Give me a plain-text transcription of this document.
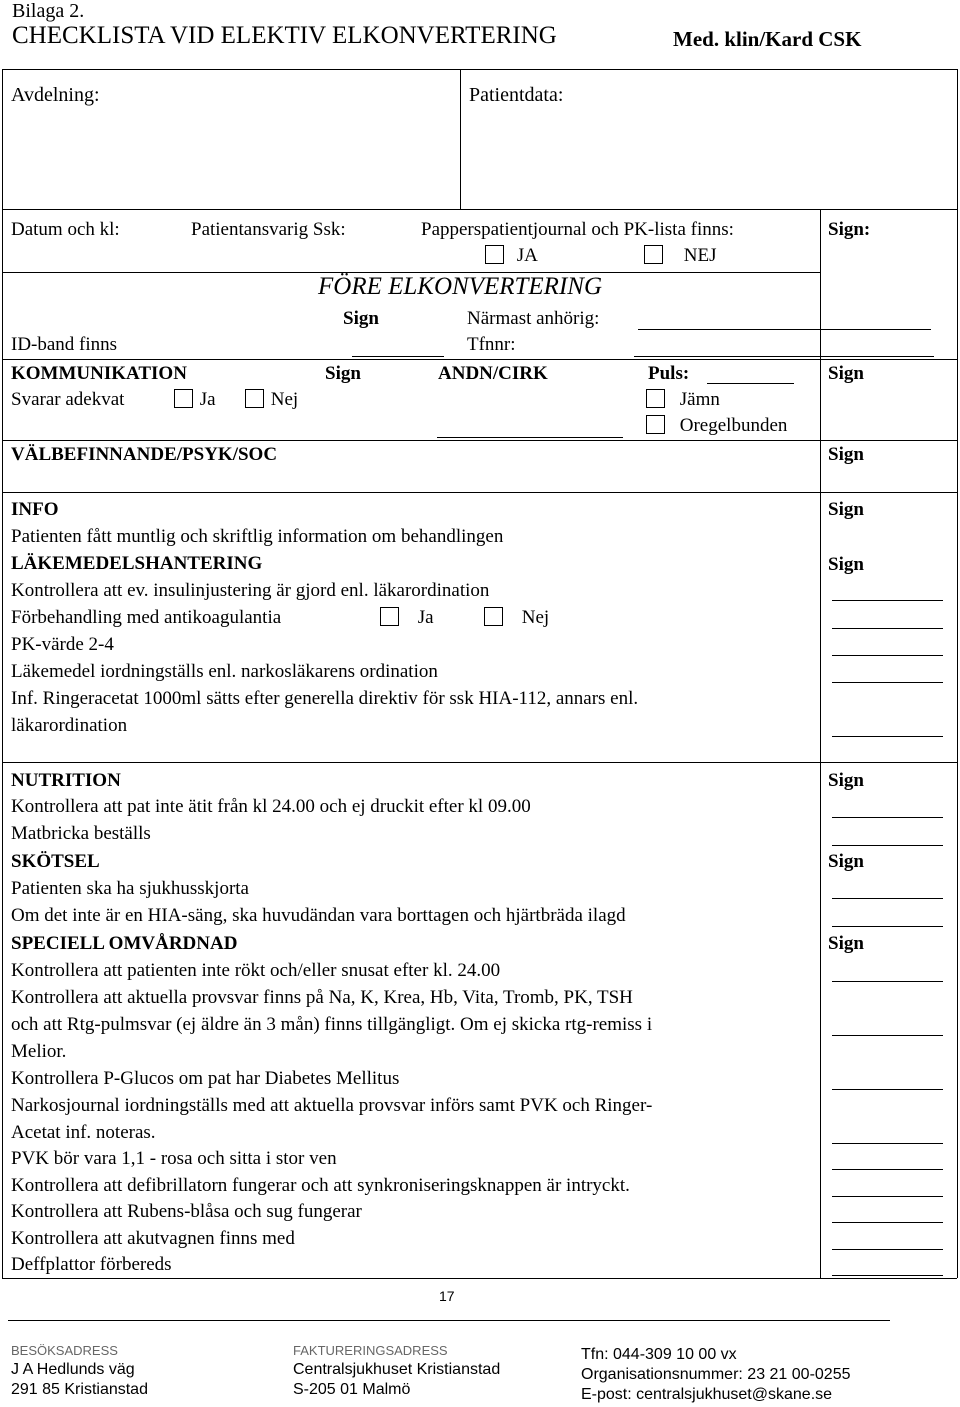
Bilaga 2.
CHECKLISTA VID ELEKTIV ELKONVERTERING	Med. klin/Kard CSK
Avdelning:	Patientdata:
Datum och kl:	Patientansvarig Ssk:	Papperspatientjournal och PK-lista finns:	Sign:
JA	NEJ
FÖRE ELKONVERTERING
Sign	Närmast anhörig:
ID-band finns	Tfnnr:
KOMMUNIKATION	Sign	ANDN/CIRK	Puls:	Sign
Svarar adekvat	Ja	Nej	Jämn
Oregelbunden
VÄLBEFINNANDE/PSYK/SOC	Sign
INFO	Sign
Patienten fått muntlig och skriftlig information om behandlingen
LÄKEMEDELSHANTERING	Sign
Kontrollera att ev. insulinjustering är gjord enl. läkarordination
Förbehandling med antikoagulantia	Ja	Nej
PK-värde 2-4
Läkemedel iordningställs enl. narkosläkarens ordination
Inf. Ringeracetat 1000ml sätts efter generella direktiv för ssk HIA-112, annars enl.
läkarordination
NUTRITION	Sign
Kontrollera att pat inte ätit från kl 24.00 och ej druckit efter kl 09.00
Matbricka beställs
SKÖTSEL	Sign
Patienten ska ha sjukhusskjorta
Om det inte är en HIA-säng, ska huvudändan vara borttagen och hjärtbräda ilagd
SPECIELL OMVÅRDNAD	Sign
Kontrollera att patienten inte rökt och/eller snusat efter kl. 24.00
Kontrollera att aktuella provsvar finns på Na, K, Krea, Hb, Vita, Tromb, PK, TSH
och att Rtg-pulmsvar (ej äldre än 3 mån) finns tillgängligt. Om ej skicka rtg-remiss i
Melior.
Kontrollera P-Glucos om pat har Diabetes Mellitus
Narkosjournal iordningställs med att aktuella provsvar införs samt PVK och Ringer-
Acetat inf. noteras.
PVK bör vara 1,1 - rosa och sitta i stor ven
Kontrollera att defibrillatorn fungerar och att synkroniseringsknappen är intryckt.
Kontrollera att Rubens-blåsa och sug fungerar
Kontrollera att akutvagnen finns med
Deffplattor förbereds
17
BESÖKSADRESS
J A Hedlunds väg
291 85 Kristianstad
FAKTURERINGSADRESS
Centralsjukhuset Kristianstad
S-205 01 Malmö
Tfn: 044-309 10 00 vx
Organisationsnummer: 23 21 00-0255
E-post: centralsjukhuset@skane.se
